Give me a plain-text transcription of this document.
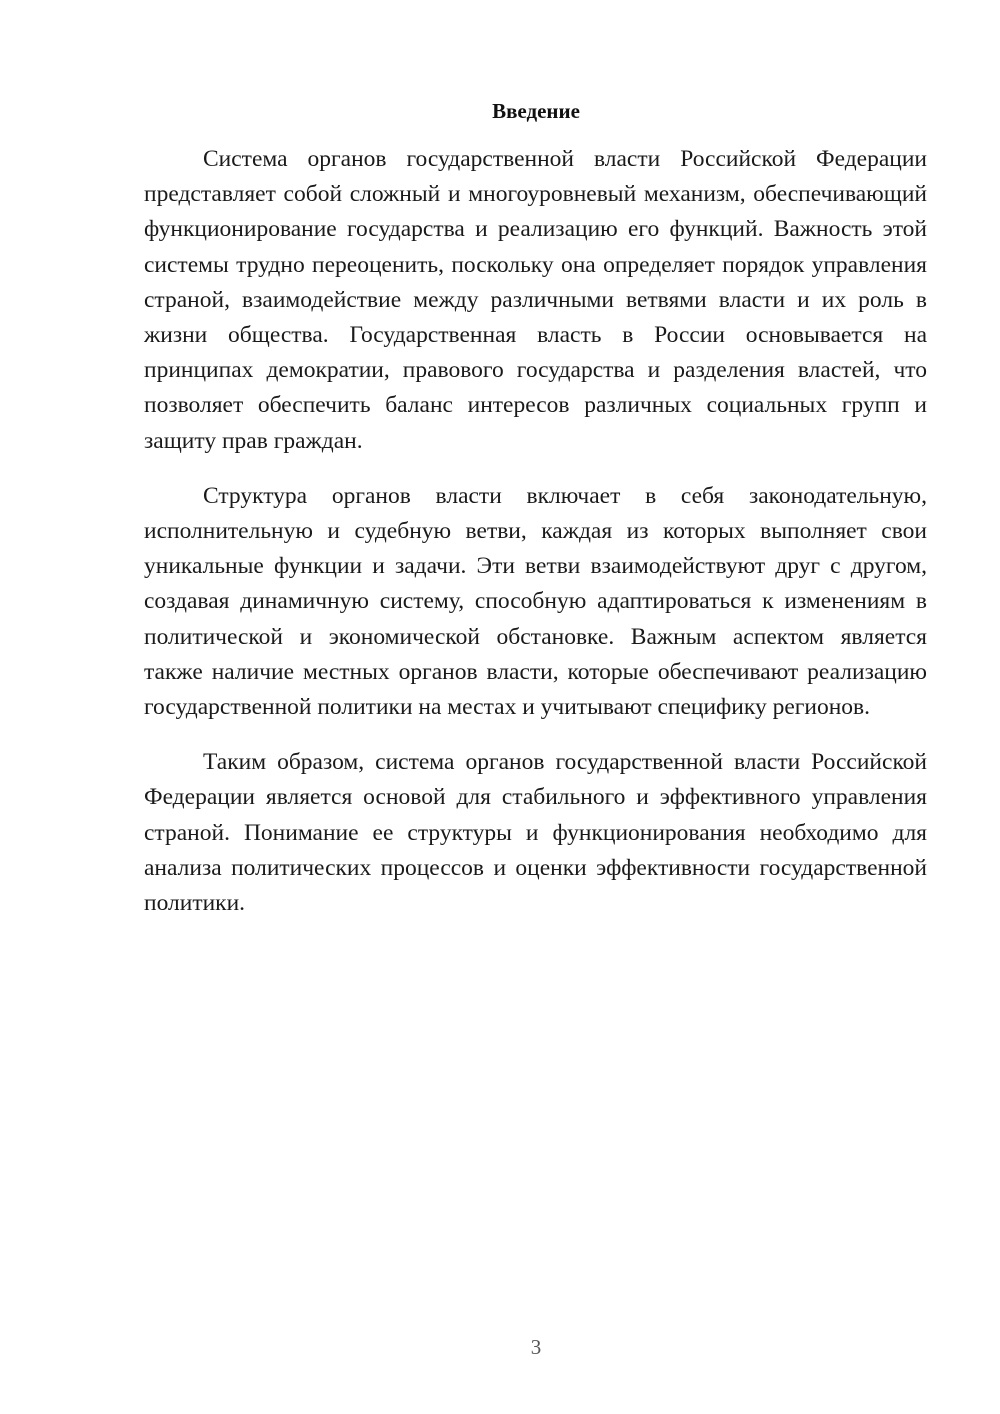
Введение

Система органов государственной власти Российской Федерации представляет собой сложный и многоуровневый механизм, обеспечивающий функционирование государства и реализацию его функций. Важность этой системы трудно переоценить, поскольку она определяет порядок управления страной, взаимодействие между различными ветвями власти и их роль в жизни общества. Государственная власть в России основывается на принципах демократии, правового государства и разделения властей, что позволяет обеспечить баланс интересов различных социальных групп и защиту прав граждан.

Структура органов власти включает в себя законодательную, исполнительную и судебную ветви, каждая из которых выполняет свои уникальные функции и задачи. Эти ветви взаимодействуют друг с другом, создавая динамичную систему, способную адаптироваться к изменениям в политической и экономической обстановке. Важным аспектом является также наличие местных органов власти, которые обеспечивают реализацию государственной политики на местах и учитывают специфику регионов.

Таким образом, система органов государственной власти Российской Федерации является основой для стабильного и эффективного управления страной. Понимание ее структуры и функционирования необходимо для анализа политических процессов и оценки эффективности государственной политики.

3
